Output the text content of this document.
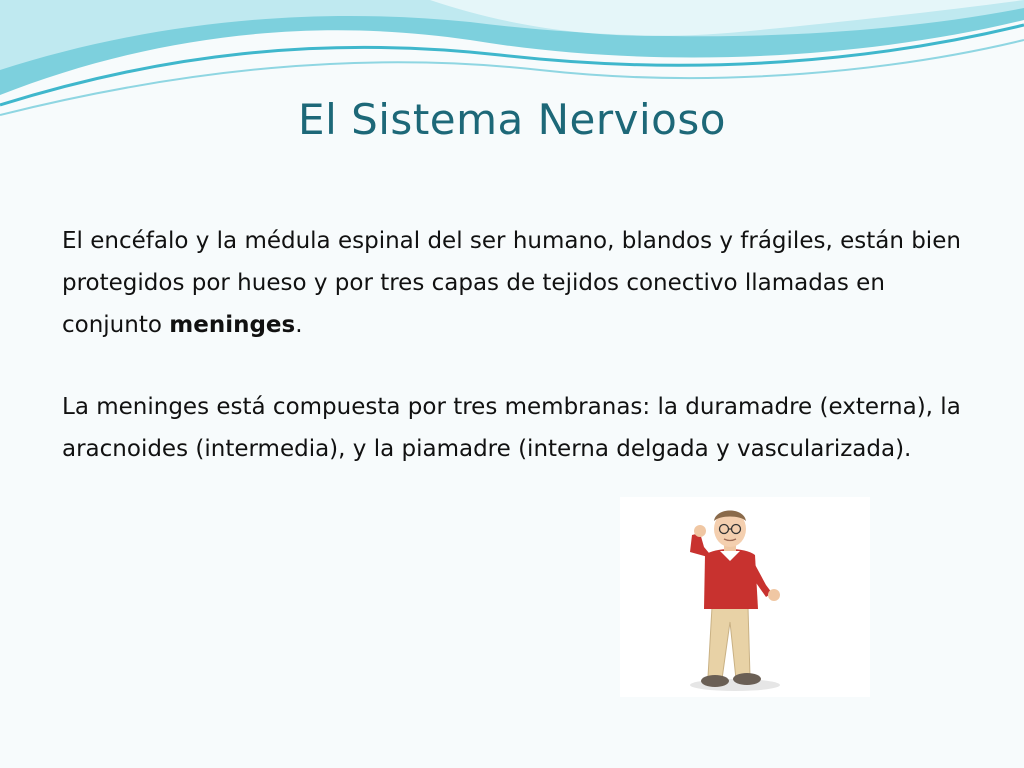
El Sistema Nervioso

El encéfalo y la médula espinal del ser humano, blandos y frágiles, están bien protegidos por hueso y por tres capas de tejidos conectivo llamadas en conjunto meninges.

La meninges está compuesta por tres membranas: la duramadre (externa), la aracnoides (intermedia), y la piamadre (interna delgada y vascularizada).
